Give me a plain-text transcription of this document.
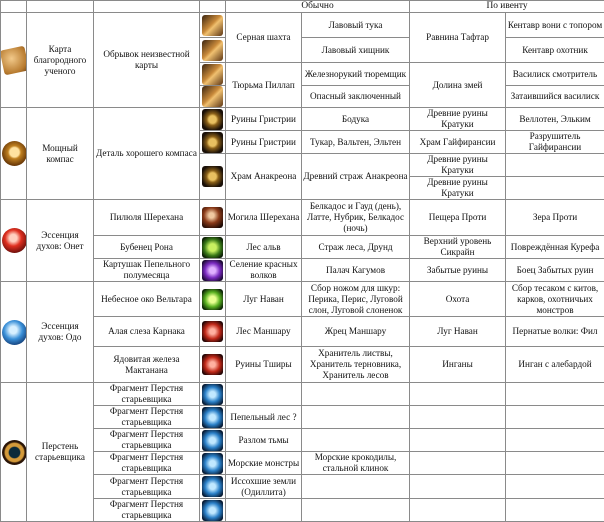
				Обычно		По ивенту	

	Карта благородного ученого	Обрывок неизвестной карты		Серная шахта	Лавовый тука	Равнина Тафтар	Кентавр вони с топором

					Лавовый хищник		Кентавр охотник

				Тюрьма Пиллап	Железнорукий тюремщик	Долина змей	Василиск смотритель

					Опасный заключенный		Затаившийся василиск

	Мощный компас	Деталь хорошего компаса		Руины Гристрии	Бодука	Древние руины Кратуки	Веллотен, Эльким

				Руины Гристрии	Тукар, Вальтен, Эльтен	Храм Гайфирансии	Разрушитель Гайфирансии

				Храм Анакреона	Древний страж Анакреона	Древние руины Кратуки	
						Древние руины Кратуки	

	Эссенция духов: Онет	Пилюля Шерехана		Могила Шерехана	Белкадос и Гауд (день), Латте, Нубрик, Белкадос (ночь)	Пещера Проти	Зера Проти
		Бубенец Рона		Лес альв	Страж леса, Друнд	Верхний уровень Сикрайн	Повреждённая Курефа
		Картушак Пепельного полумесяца		Селение красных волков	Палач Кагумов	Забытые руины	Боец Забытых руин

	Эссенция духов: Одо	Небесное око Вельтара		Луг Наван	Сбор ножом для шкур: Перика, Перис, Луговой слон, Луговой слоненок	Охота	Сбор тесаком с китов, карков, охотничьих монстров
		Алая слеза Карнака		Лес Маншару	Жрец Маншару	Луг Наван	Пернатые волки: Фил
		Ядовитая железа Мактанана		Руины Тширы	Хранитель листвы, Хранитель терновника, Хранитель лесов	Инганы	Инган с алебардой

	Перстень старьевщика	Фрагмент Перстня старьевщика	

		Фрагмент Перстня старьевщика		Пепельный лес ?			
		Фрагмент Перстня старьевщика		Разлом тьмы			
		Фрагмент Перстня старьевщика		Морские монстры	Морские крокодилы, стальной клинок		
		Фрагмент Перстня старьевщика		Иссохшие земли (Одиллита)			
		Фрагмент Перстня старьевщика	
